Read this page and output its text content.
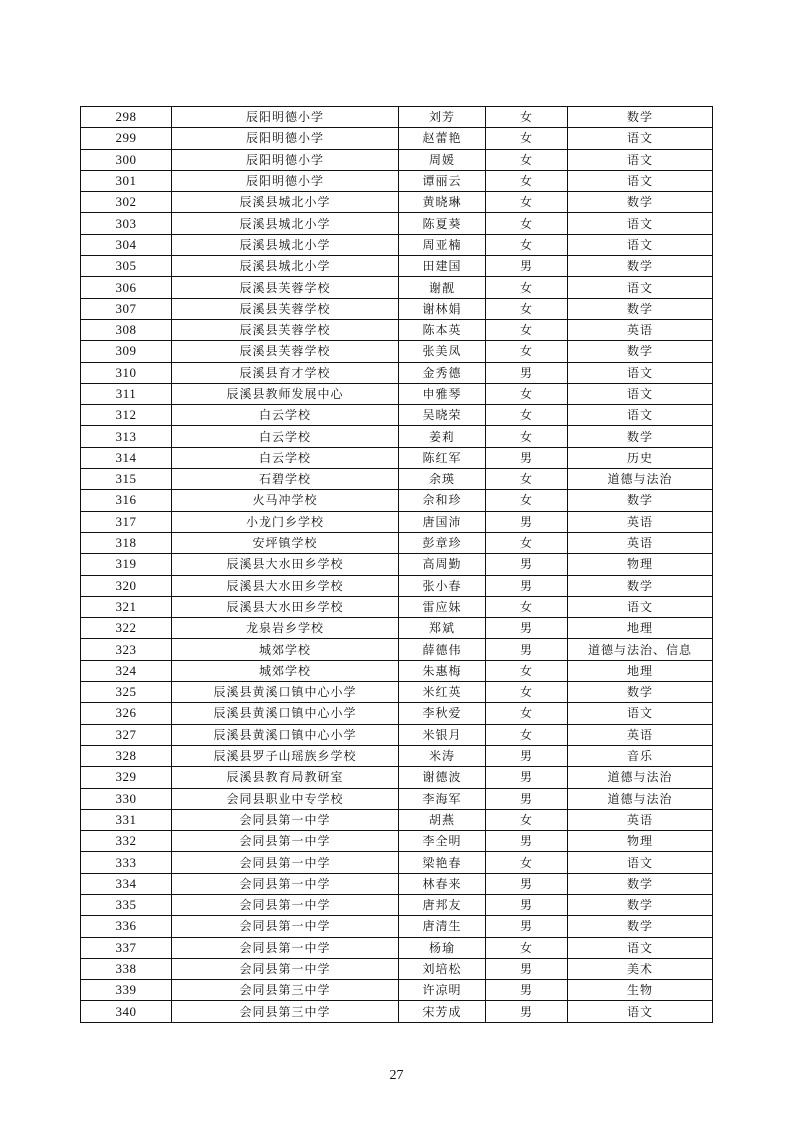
298	辰阳明德小学	刘芳	女	数学
299	辰阳明德小学	赵蕾艳	女	语文
300	辰阳明德小学	周媛	女	语文
301	辰阳明德小学	谭丽云	女	语文
302	辰溪县城北小学	黄晓琳	女	数学
303	辰溪县城北小学	陈夏葵	女	语文
304	辰溪县城北小学	周亚楠	女	语文
305	辰溪县城北小学	田建国	男	数学
306	辰溪县芙蓉学校	谢靓	女	语文
307	辰溪县芙蓉学校	谢林娟	女	数学
308	辰溪县芙蓉学校	陈本英	女	英语
309	辰溪县芙蓉学校	张美凤	女	数学
310	辰溪县育才学校	金秀德	男	语文
311	辰溪县教师发展中心	申雅琴	女	语文
312	白云学校	吴晓荣	女	语文
313	白云学校	姜莉	女	数学
314	白云学校	陈红军	男	历史
315	石碧学校	余瑛	女	道德与法治
316	火马冲学校	佘和珍	女	数学
317	小龙门乡学校	唐国沛	男	英语
318	安坪镇学校	彭章珍	女	英语
319	辰溪县大水田乡学校	高周勤	男	物理
320	辰溪县大水田乡学校	张小春	男	数学
321	辰溪县大水田乡学校	雷应妹	女	语文
322	龙泉岩乡学校	郑斌	男	地理
323	城郊学校	薛德伟	男	道德与法治、信息
324	城郊学校	朱惠梅	女	地理
325	辰溪县黄溪口镇中心小学	米红英	女	数学
326	辰溪县黄溪口镇中心小学	李秋爱	女	语文
327	辰溪县黄溪口镇中心小学	米银月	女	英语
328	辰溪县罗子山瑶族乡学校	米涛	男	音乐
329	辰溪县教育局教研室	谢德波	男	道德与法治
330	会同县职业中专学校	李海军	男	道德与法治
331	会同县第一中学	胡燕	女	英语
332	会同县第一中学	李全明	男	物理
333	会同县第一中学	梁艳春	女	语文
334	会同县第一中学	林春来	男	数学
335	会同县第一中学	唐邦友	男	数学
336	会同县第一中学	唐清生	男	数学
337	会同县第一中学	杨瑜	女	语文
338	会同县第一中学	刘培松	男	美术
339	会同县第三中学	许凉明	男	生物
340	会同县第三中学	宋芳成	男	语文
27
